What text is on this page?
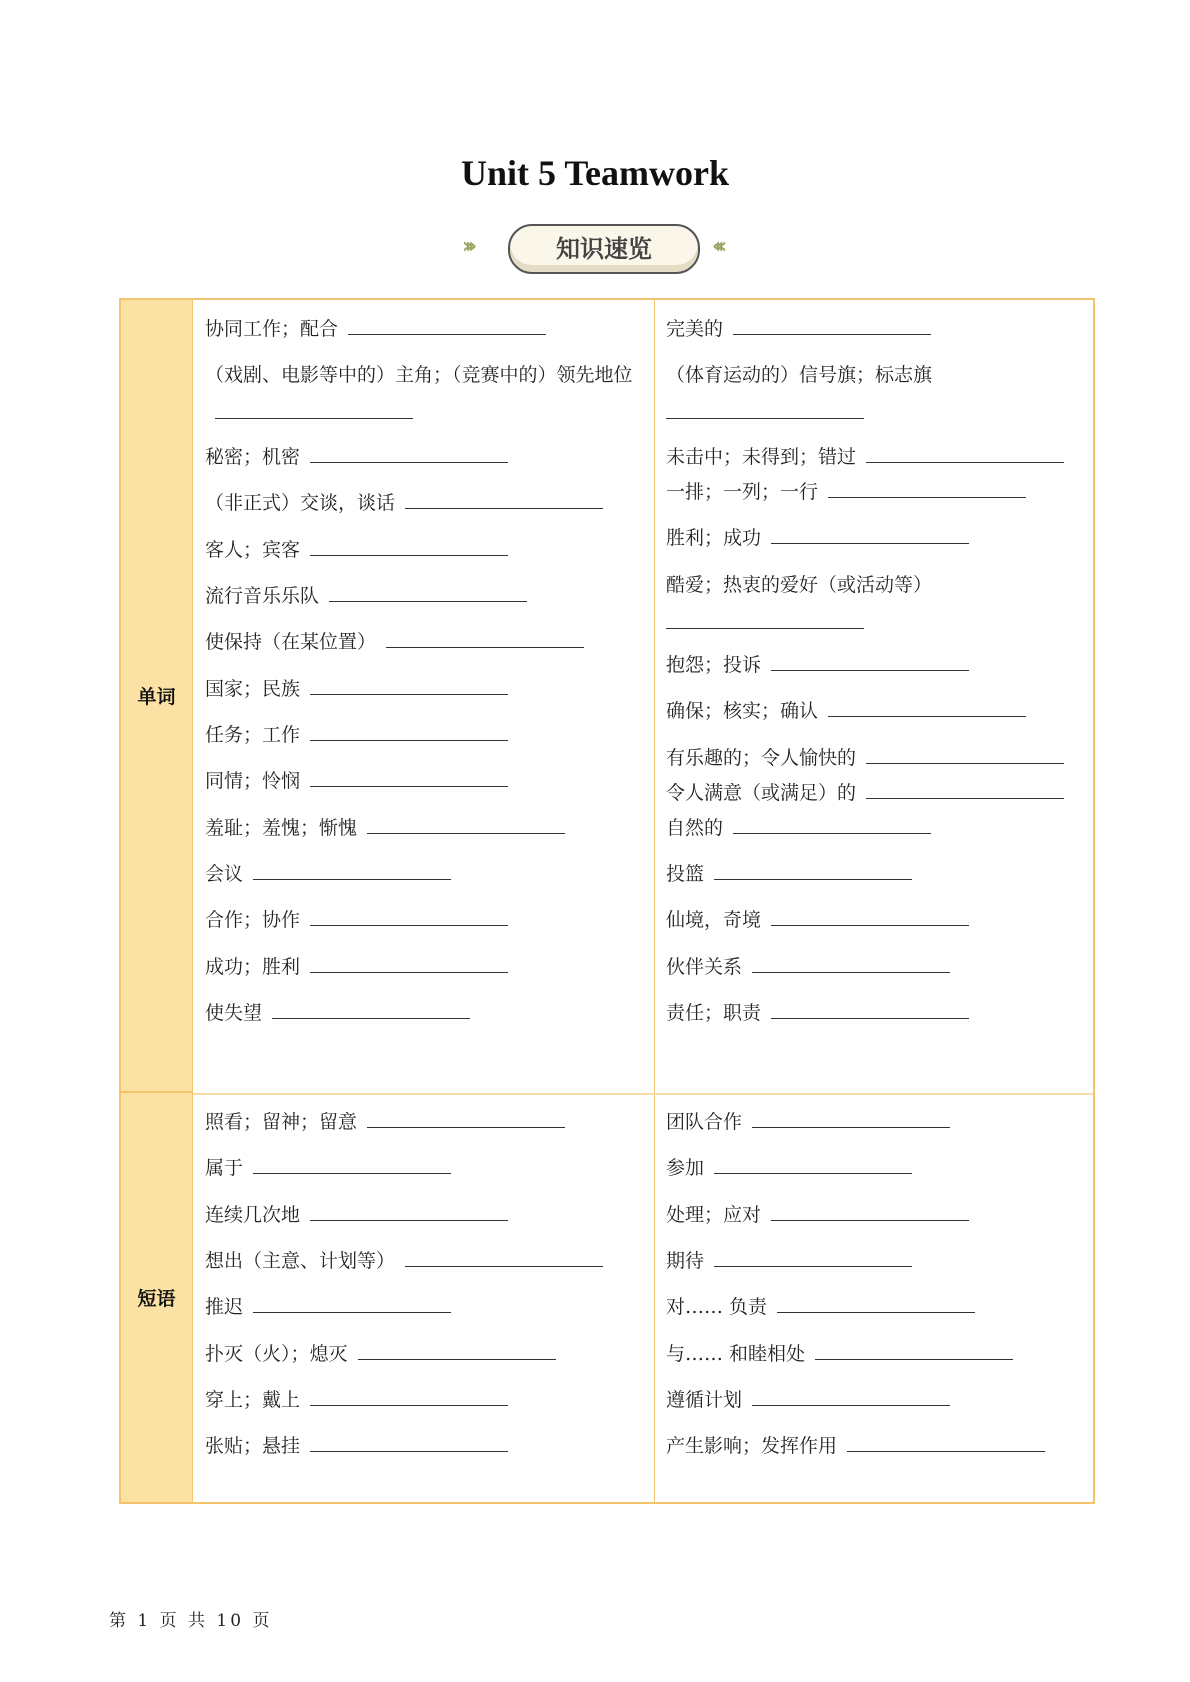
Unit 5 Teamwork
›››	知识速览	‹‹‹
单词
短语
协同工作；配合
（戏剧、电影等中的）主角；（竞赛中的）领先地位
秘密；机密
（非正式）交谈，谈话
客人；宾客
流行音乐乐队
使保持（在某位置）
国家；民族
任务；工作
同情；怜悯
羞耻；羞愧；惭愧
会议
合作；协作
成功；胜利
使失望
完美的
（体育运动的）信号旗；标志旗
未击中；未得到；错过
一排；一列；一行
胜利；成功
酷爱；热衷的爱好（或活动等）
抱怨；投诉
确保；核实；确认
有乐趣的；令人愉快的
令人满意（或满足）的
自然的
投篮
仙境，奇境
伙伴关系
责任；职责
照看；留神；留意
属于
连续几次地
想出（主意、计划等）
推迟
扑灭（火）；熄灭
穿上；戴上
张贴；悬挂
团队合作
参加
处理；应对
期待
对…… 负责
与…… 和睦相处
遵循计划
产生影响；发挥作用
第 1 页 共 10 页
